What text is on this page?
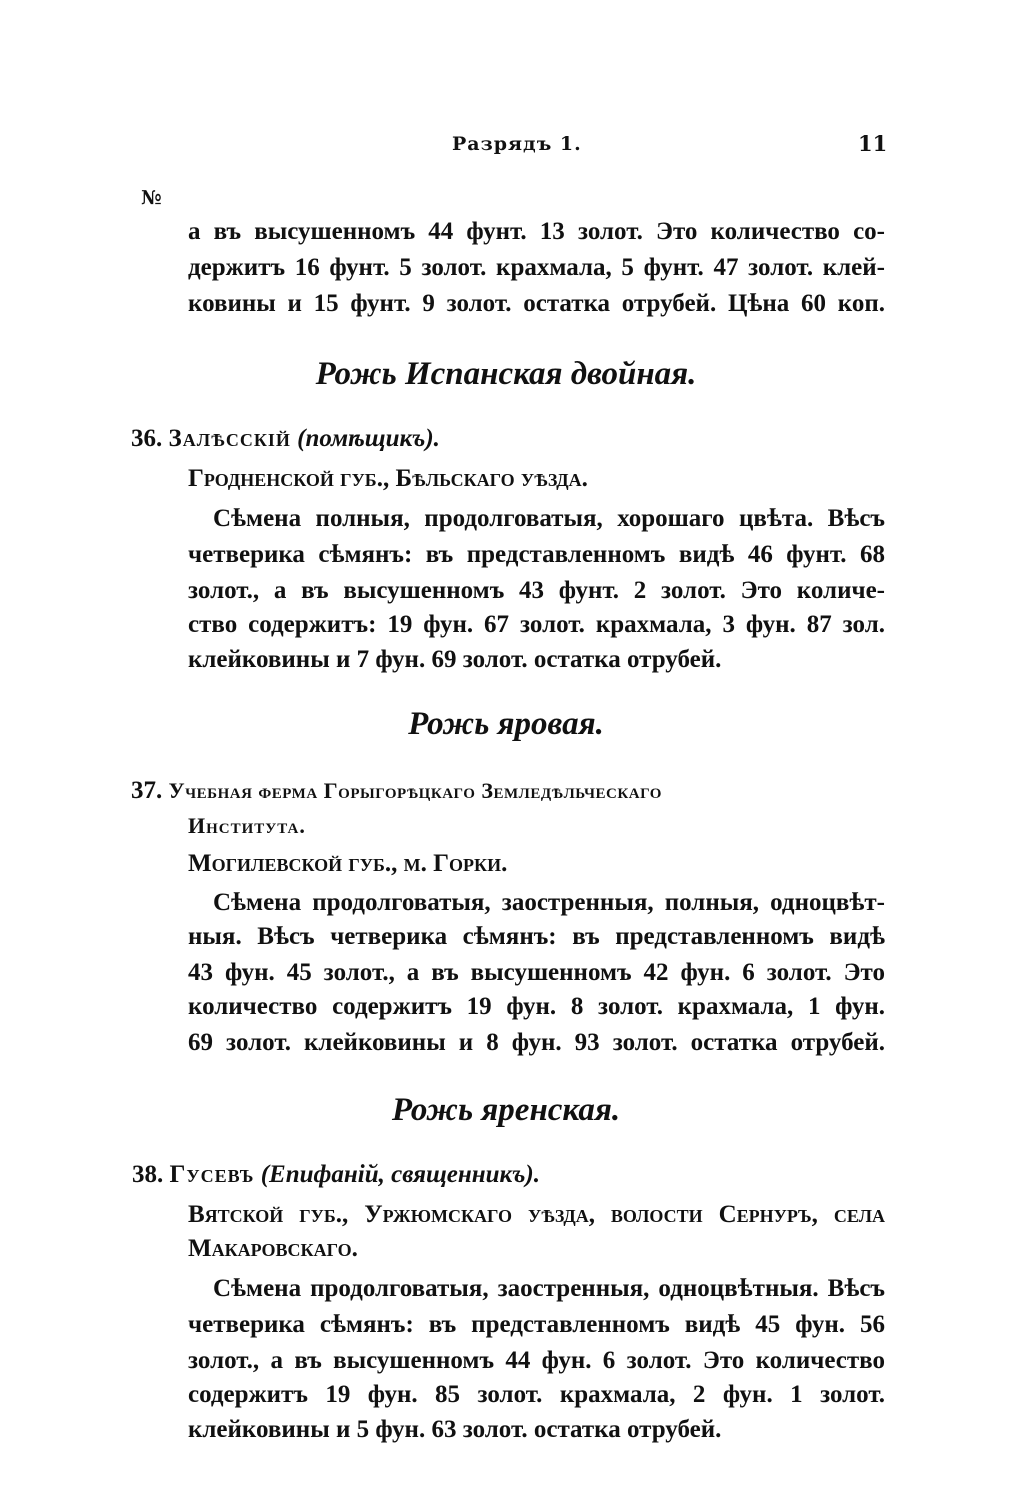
Разрядъ 1.	11
№
а въ высушенномъ 44 фунт. 13 золот. Это количество со-
держитъ 16 фунт. 5 золот. крахмала, 5 фунт. 47 золот. клей-
ковины и 15 фунт. 9 золот. остатка отрубей. Цѣна 60 коп.
Рожь Испанская двойная.
36. Залѣсскій (помѣщикъ).
Гродненской губ., Бѣльскаго уѣзда.
Сѣмена полныя, продолговатыя, хорошаго цвѣта. Вѣсъ
четверика сѣмянъ: въ представленномъ видѣ 46 фунт. 68
золот., а въ высушенномъ 43 фунт. 2 золот. Это количе-
ство содержитъ: 19 фун. 67 золот. крахмала, 3 фун. 87 зол.
клейковины и 7 фун. 69 золот. остатка отрубей.
Рожь яровая.
37. Учебная ферма Горыгорѣцкаго Земледѣльческаго
Института.
Могилевской губ., м. Горки.
Сѣмена продолговатыя, заостренныя, полныя, одноцвѣт-
ныя. Вѣсъ четверика сѣмянъ: въ представленномъ видѣ
43 фун. 45 золот., а въ высушенномъ 42 фун. 6 золот. Это
количество содержитъ 19 фун. 8 золот. крахмала, 1 фун.
69 золот. клейковины и 8 фун. 93 золот. остатка отрубей.
Рожь яренская.
38. Гусевъ (Епифаній, священникъ).
Вятской губ., Уржюмскаго уѣзда, волости Сернуръ, села
Макаровскаго.
Сѣмена продолговатыя, заостренныя, одноцвѣтныя. Вѣсъ
четверика сѣмянъ: въ представленномъ видѣ 45 фун. 56
золот., а въ высушенномъ 44 фун. 6 золот. Это количество
содержитъ 19 фун. 85 золот. крахмала, 2 фун. 1 золот.
клейковины и 5 фун. 63 золот. остатка отрубей.
